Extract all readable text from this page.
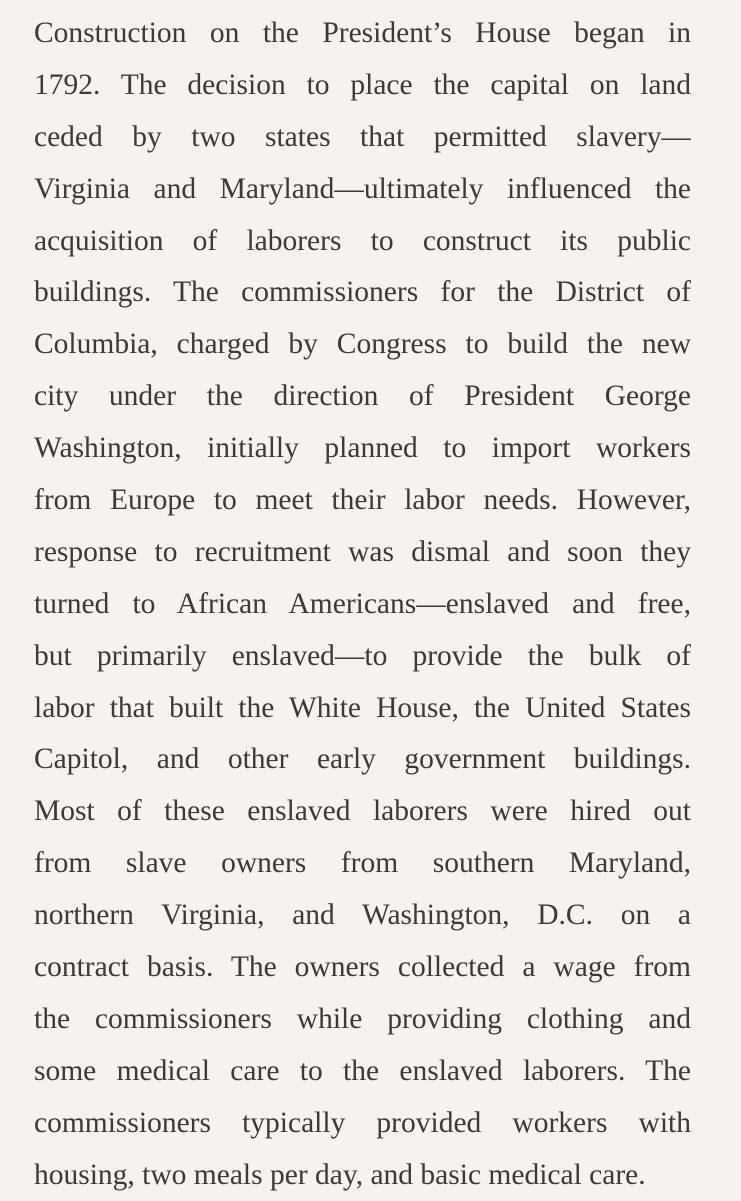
Construction on the President’s House began in
1792. The decision to place the capital on land
ceded by two states that permitted slavery—
Virginia and Maryland—ultimately influenced the
acquisition of laborers to construct its public
buildings. The commissioners for the District of
Columbia, charged by Congress to build the new
city under the direction of President George
Washington, initially planned to import workers
from Europe to meet their labor needs. However,
response to recruitment was dismal and soon they
turned to African Americans—enslaved and free,
but primarily enslaved—to provide the bulk of
labor that built the White House, the United States
Capitol, and other early government buildings.
Most of these enslaved laborers were hired out
from slave owners from southern Maryland,
northern Virginia, and Washington, D.C. on a
contract basis. The owners collected a wage from
the commissioners while providing clothing and
some medical care to the enslaved laborers. The
commissioners typically provided workers with
housing, two meals per day, and basic medical care.
